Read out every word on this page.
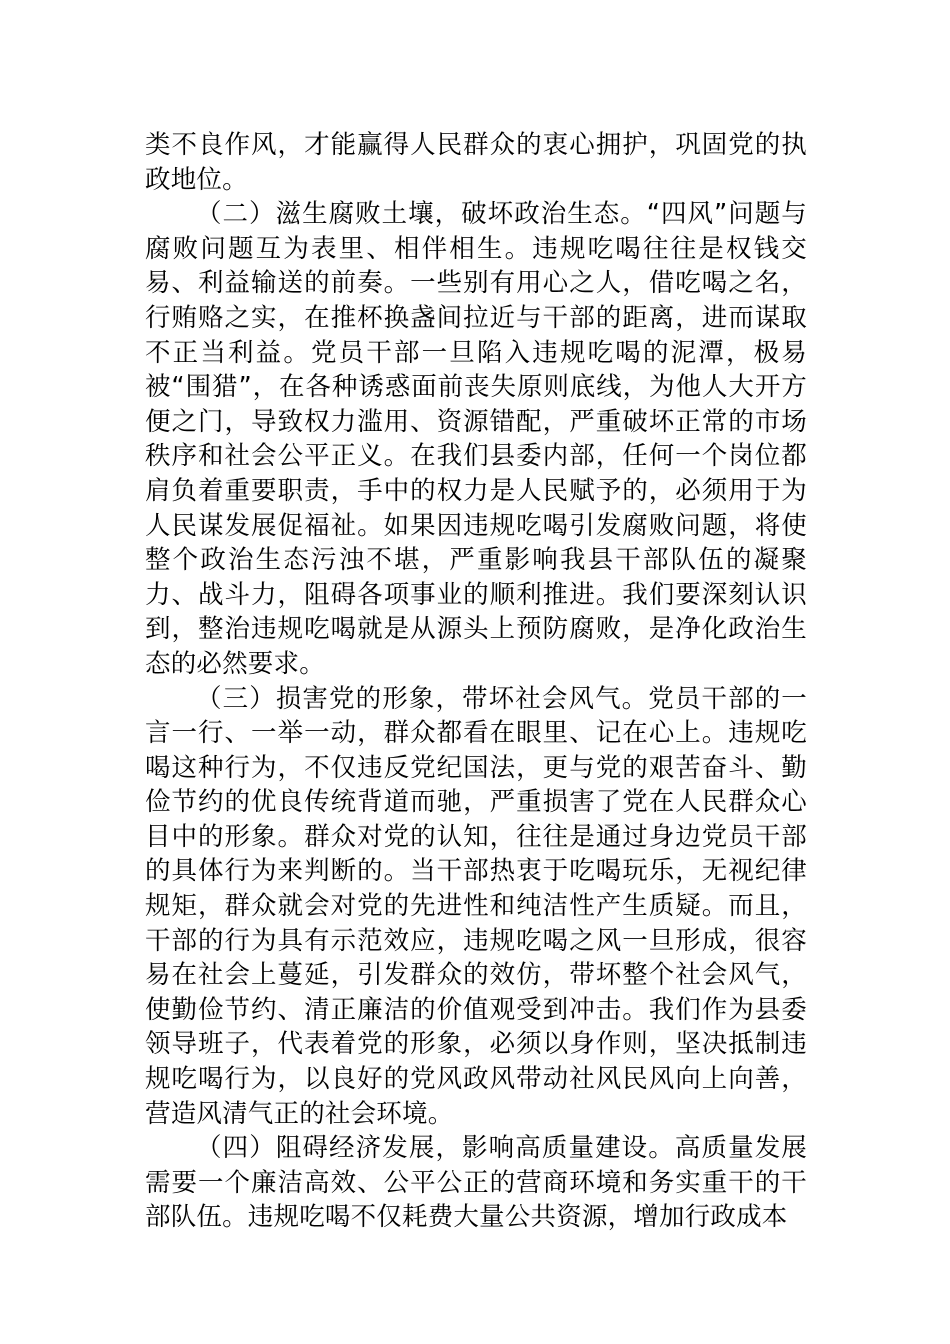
类不良作风，才能赢得人民群众的衷心拥护，巩固党的执政地位。

（二）滋生腐败土壤，破坏政治生态。“四风”问题与腐败问题互为表里、相伴相生。违规吃喝往往是权钱交易、利益输送的前奏。一些别有用心之人，借吃喝之名，行贿赂之实，在推杯换盏间拉近与干部的距离，进而谋取不正当利益。党员干部一旦陷入违规吃喝的泥潭，极易被“围猎”，在各种诱惑面前丧失原则底线，为他人大开方便之门，导致权力滥用、资源错配，严重破坏正常的市场秩序和社会公平正义。在我们县委内部，任何一个岗位都肩负着重要职责，手中的权力是人民赋予的，必须用于为人民谋发展促福祉。如果因违规吃喝引发腐败问题，将使整个政治生态污浊不堪，严重影响我县干部队伍的凝聚力、战斗力，阻碍各项事业的顺利推进。我们要深刻认识到，整治违规吃喝就是从源头上预防腐败，是净化政治生态的必然要求。

（三）损害党的形象，带坏社会风气。党员干部的一言一行、一举一动，群众都看在眼里、记在心上。违规吃喝这种行为，不仅违反党纪国法，更与党的艰苦奋斗、勤俭节约的优良传统背道而驰，严重损害了党在人民群众心目中的形象。群众对党的认知，往往是通过身边党员干部的具体行为来判断的。当干部热衷于吃喝玩乐，无视纪律规矩，群众就会对党的先进性和纯洁性产生质疑。而且，干部的行为具有示范效应，违规吃喝之风一旦形成，很容易在社会上蔓延，引发群众的效仿，带坏整个社会风气，使勤俭节约、清正廉洁的价值观受到冲击。我们作为县委领导班子，代表着党的形象，必须以身作则，坚决抵制违规吃喝行为，以良好的党风政风带动社风民风向上向善，营造风清气正的社会环境。

（四）阻碍经济发展，影响高质量建设。高质量发展需要一个廉洁高效、公平公正的营商环境和务实重干的干部队伍。违规吃喝不仅耗费大量公共资源，增加行政成本
